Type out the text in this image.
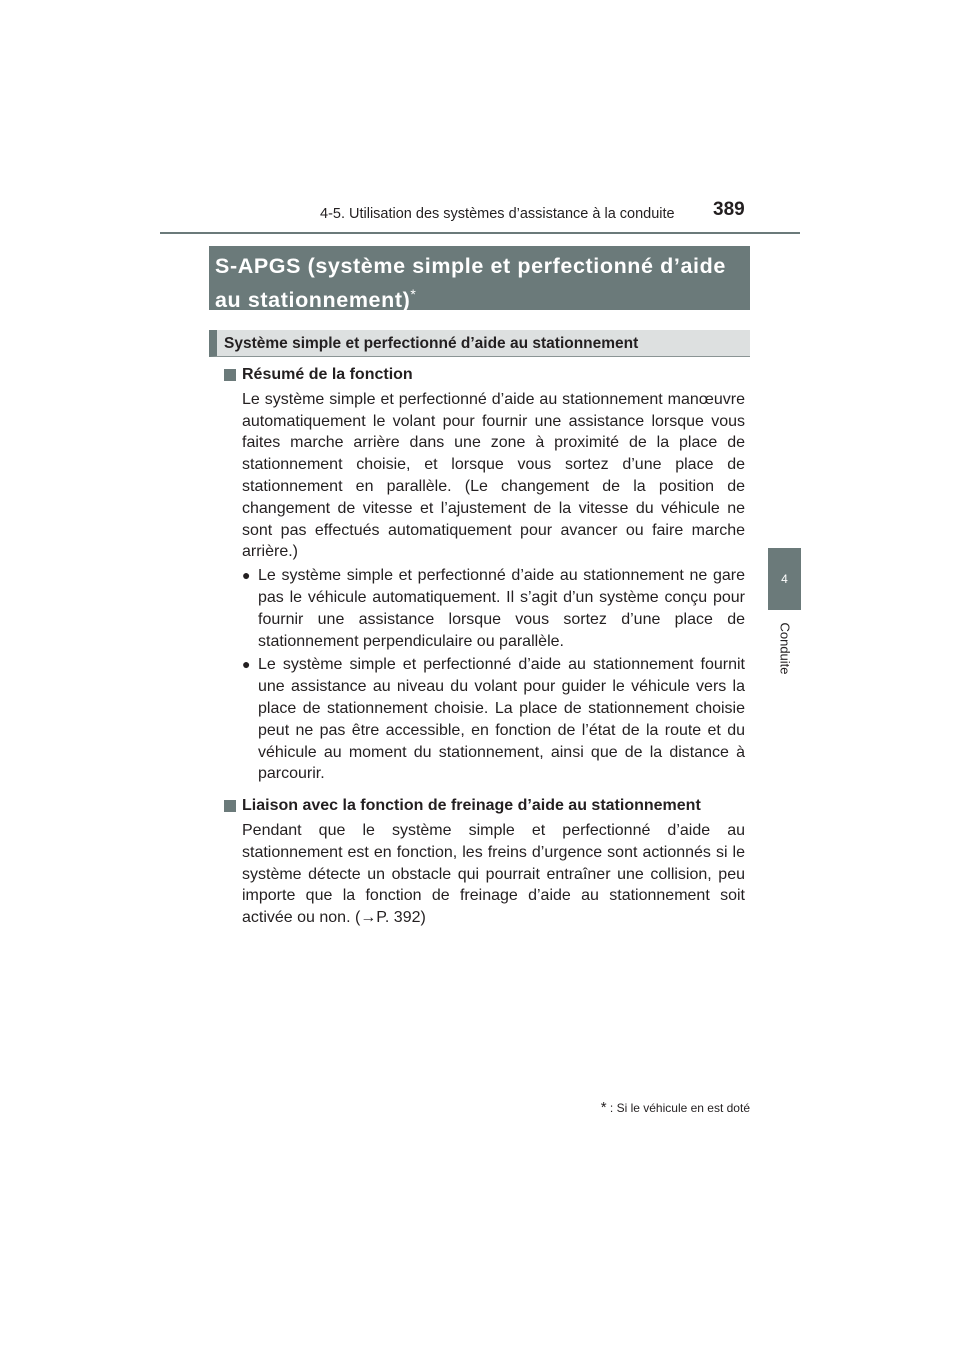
4-5. Utilisation des systèmes d’assistance à la conduite 389
4
Conduite
S-APGS (système simple et perfectionné d’aide au stationnement)*
Système simple et perfectionné d’aide au stationnement
Résumé de la fonction

Le système simple et perfectionné d’aide au stationnement manœuvre automatiquement le volant pour fournir une assistance lorsque vous faites marche arrière dans une zone à proximité de la place de stationnement choisie, et lorsque vous sortez d’une place de stationnement en parallèle. (Le changement de la position de changement de vitesse et l’ajustement de la vitesse du véhicule ne sont pas effectués automatiquement pour avancer ou faire marche arrière.)

● Le système simple et perfectionné d’aide au stationnement ne gare pas le véhicule automatiquement. Il s’agit d’un système conçu pour fournir une assistance lorsque vous sortez d’une place de stationnement perpendiculaire ou parallèle.
● Le système simple et perfectionné d’aide au stationnement fournit une assistance au niveau du volant pour guider le véhicule vers la place de stationnement choisie. La place de stationnement choisie peut ne pas être accessible, en fonction de l’état de la route et du véhicule au moment du stationnement, ainsi que de la distance à parcourir.
Liaison avec la fonction de freinage d’aide au stationnement

Pendant que le système simple et perfectionné d’aide au stationnement est en fonction, les freins d’urgence sont actionnés si le système détecte un obstacle qui pourrait entraîner une collision, peu importe que la fonction de freinage d’aide au stationnement soit activée ou non. (→P. 392)

* : Si le véhicule en est doté
